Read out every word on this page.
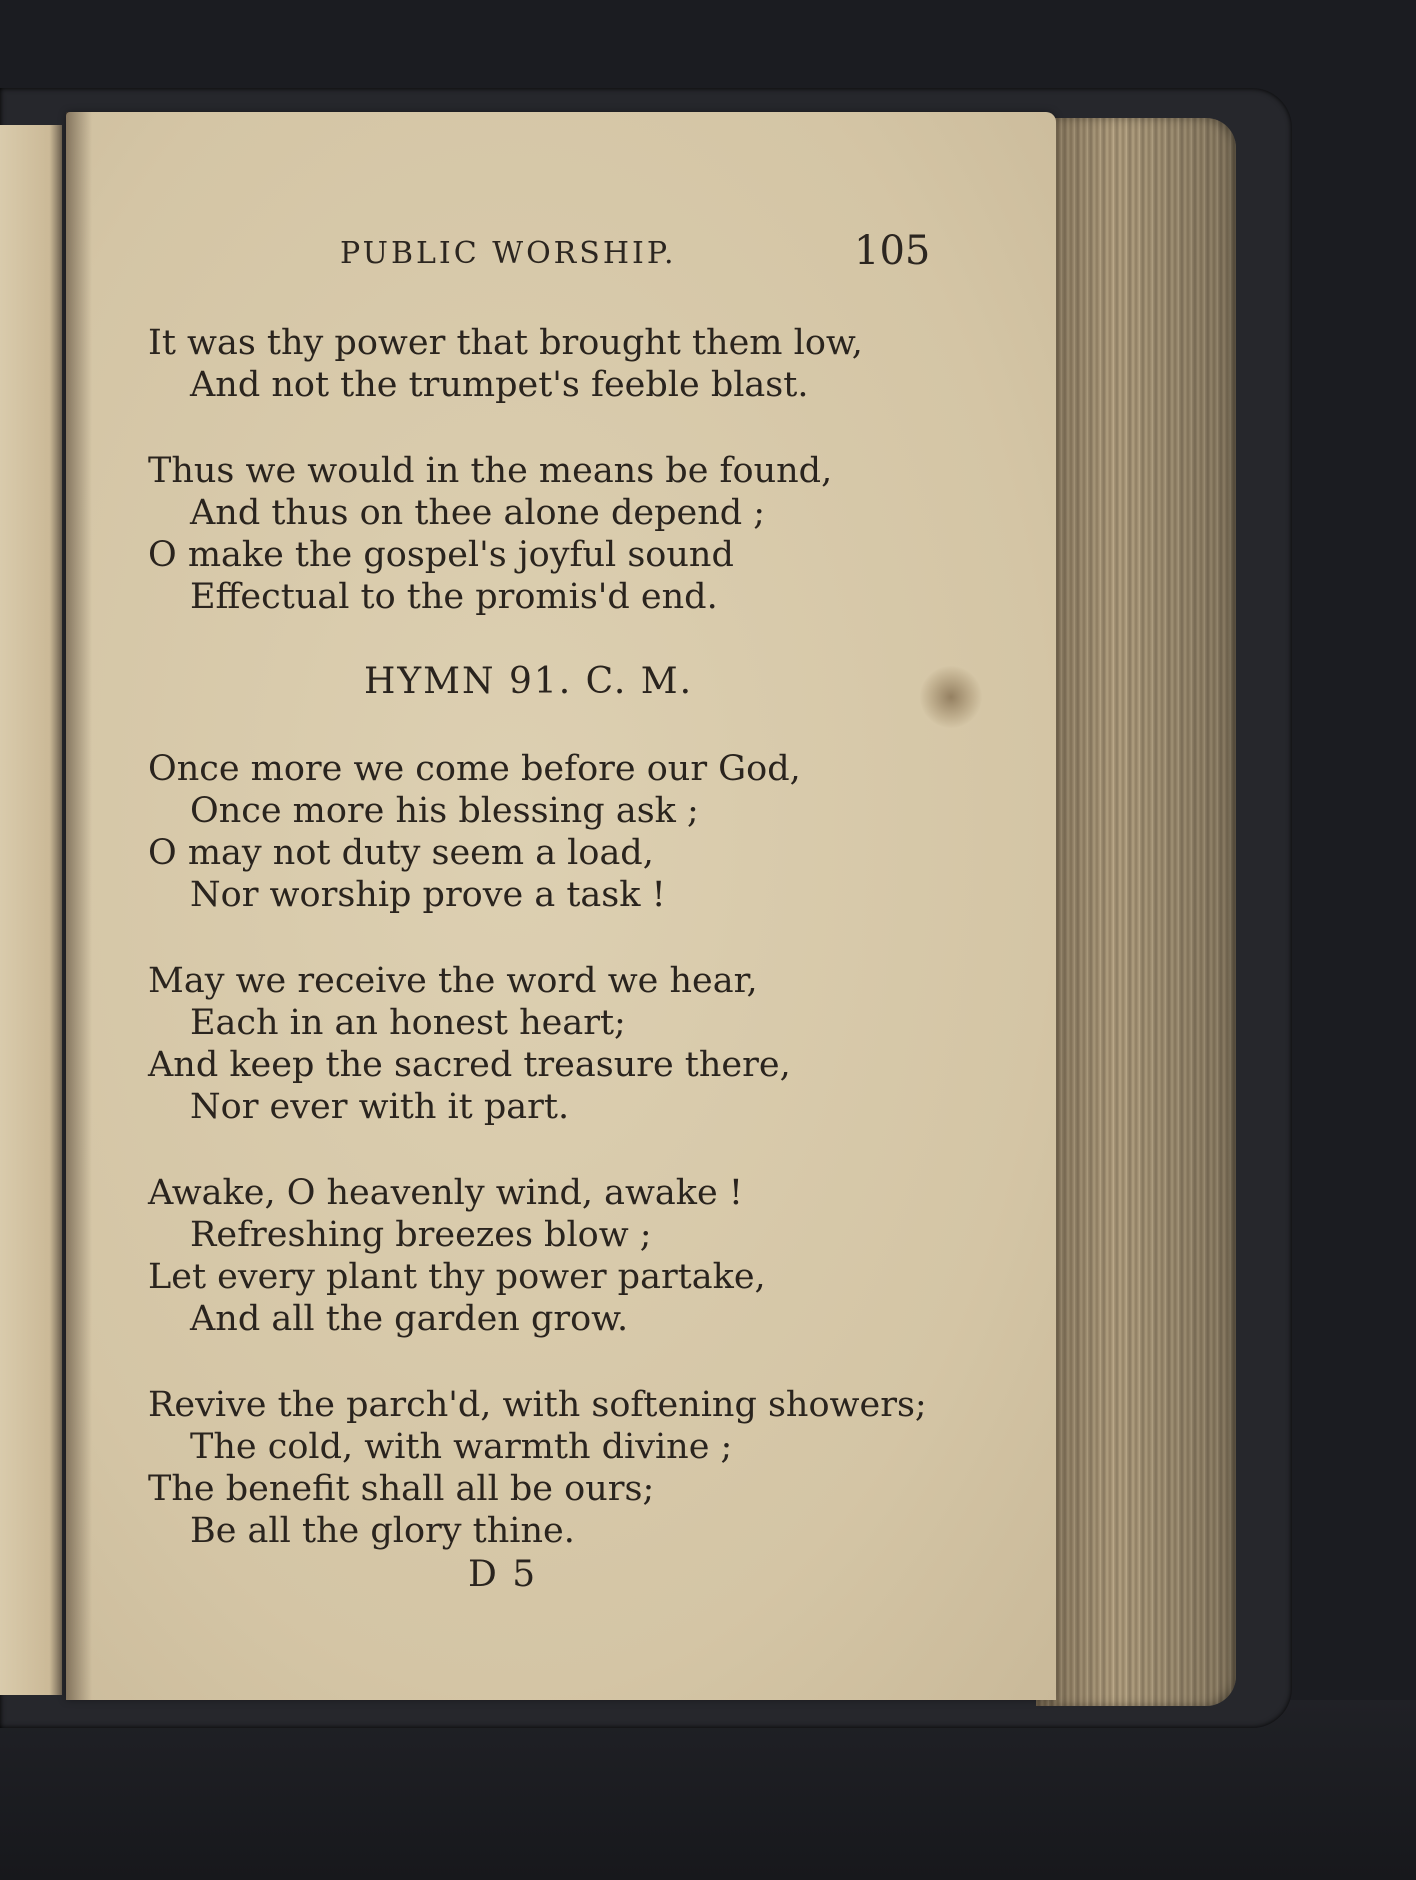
PUBLIC WORSHIP.	105
It was thy power that brought them low,
And not the trumpet's feeble blast.
Thus we would in the means be found,
And thus on thee alone depend ;
O make the gospel's joyful sound
Effectual to the promis'd end.
HYMN 91. C. M.
Once more we come before our God,
Once more his blessing ask ;
O may not duty seem a load,
Nor worship prove a task !
May we receive the word we hear,
Each in an honest heart;
And keep the sacred treasure there,
Nor ever with it part.
Awake, O heavenly wind, awake !
Refreshing breezes blow ;
Let every plant thy power partake,
And all the garden grow.
Revive the parch'd, with softening showers;
The cold, with warmth divine ;
The benefit shall all be ours;
Be all the glory thine.
D 5
